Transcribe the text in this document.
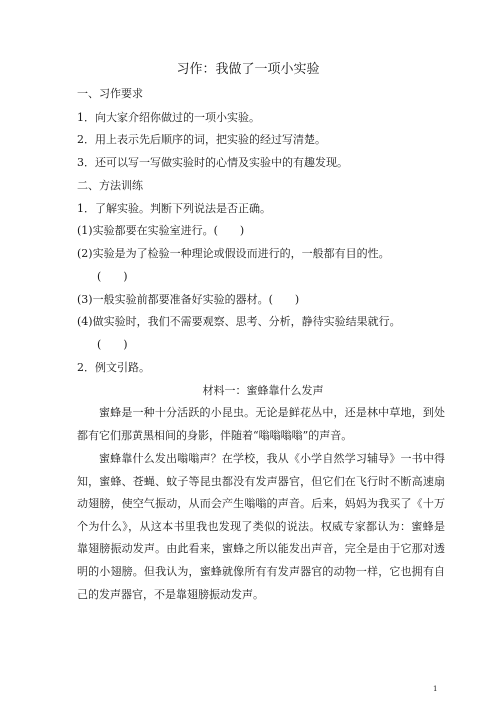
习作：我做了一项小实验
一、习作要求
1．向大家介绍你做过的一项小实验。
2．用上表示先后顺序的词，把实验的经过写清楚。
3．还可以写一写做实验时的心情及实验中的有趣发现。
二、方法训练
1．了解实验。判断下列说法是否正确。
(1)实验都要在实验室进行。(　　)
(2)实验是为了检验一种理论或假设而进行的，一般都有目的性。
(　　)
(3)一般实验前都要准备好实验的器材。(　　)
(4)做实验时，我们不需要观察、思考、分析，静待实验结果就行。
(　　)
2．例文引路。
材料一：蜜蜂靠什么发声
蜜蜂是一种十分活跃的小昆虫。无论是鲜花丛中，还是林中草地，到处都有它们那黄黑相间的身影，伴随着“嗡嗡嗡嗡”的声音。
蜜蜂靠什么发出嗡嗡声？在学校，我从《小学自然学习辅导》一书中得知，蜜蜂、苍蝇、蚊子等昆虫都没有发声器官，但它们在飞行时不断高速扇动翅膀，使空气振动，从而会产生嗡嗡的声音。后来，妈妈为我买了《十万个为什么》，从这本书里我也发现了类似的说法。权威专家都认为：蜜蜂是靠翅膀振动发声。由此看来，蜜蜂之所以能发出声音，完全是由于它那对透明的小翅膀。但我认为，蜜蜂就像所有有发声器官的动物一样，它也拥有自己的发声器官，不是靠翅膀振动发声。
1
